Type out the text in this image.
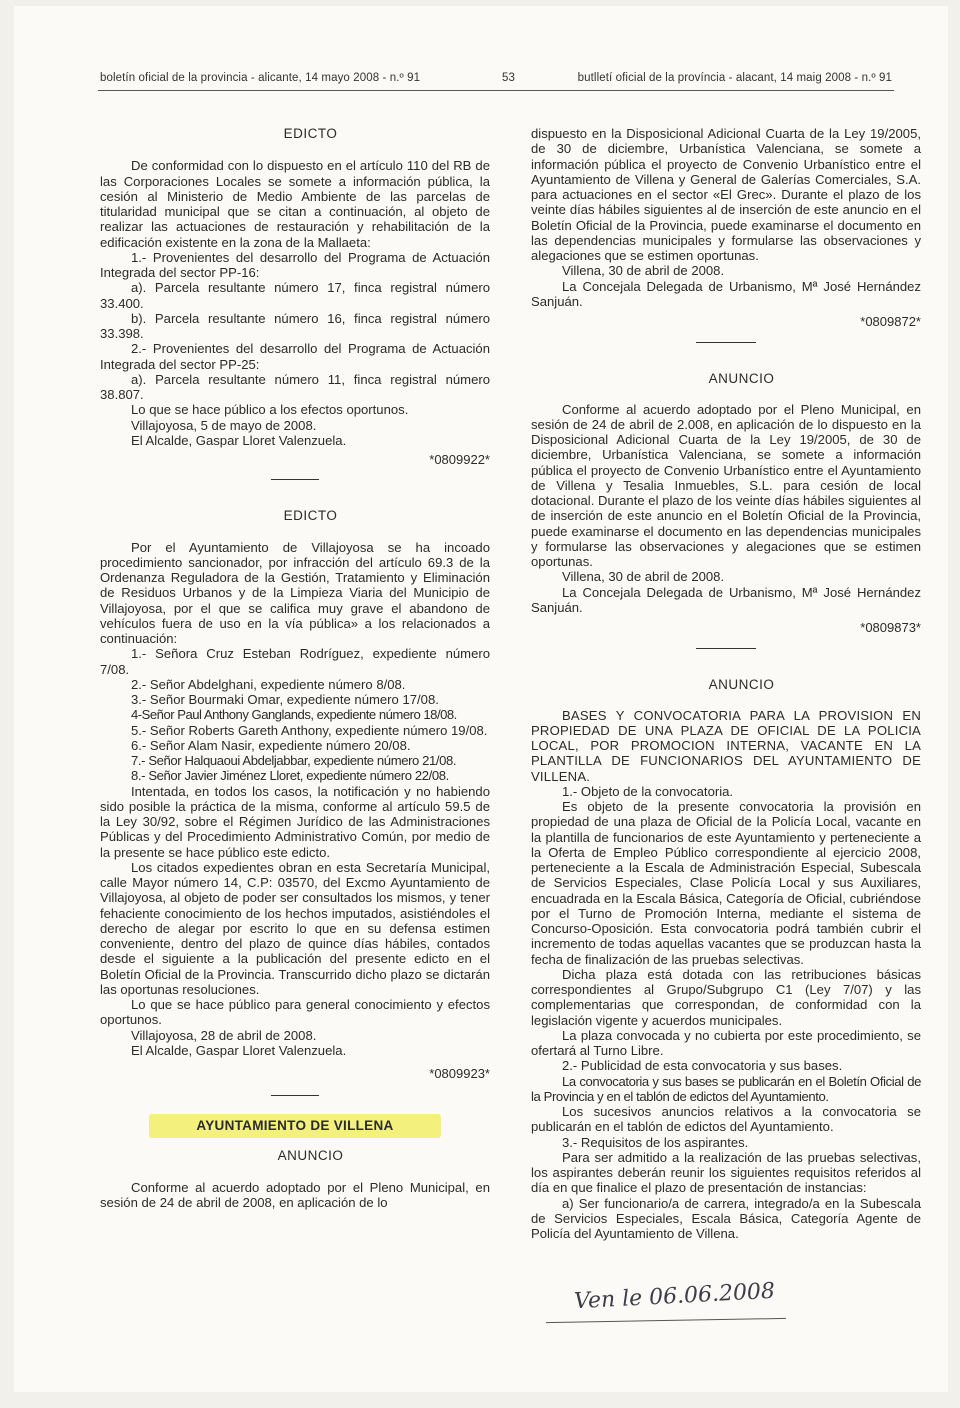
boletín oficial de la provincia - alicante, 14 mayo 2008 - n.º 91	53	butlletí oficial de la província - alacant, 14 maig 2008 - n.º 91

EDICTO

De conformidad con lo dispuesto en el artículo 110 del RB de las Corporaciones Locales se somete a información pública, la cesión al Ministerio de Medio Ambiente de las parcelas de titularidad municipal que se citan a continuación, al objeto de realizar las actuaciones de restauración y rehabilitación de la edificación existente en la zona de la Mallaeta:

1.- Provenientes del desarrollo del Programa de Actuación Integrada del sector PP-16:

a). Parcela resultante número 17, finca registral número 33.400.

b). Parcela resultante número 16, finca registral número 33.398.

2.- Provenientes del desarrollo del Programa de Actuación Integrada del sector PP-25:

a). Parcela resultante número 11, finca registral número 38.807.

Lo que se hace público a los efectos oportunos.

Villajoyosa, 5 de mayo de 2008.

El Alcalde, Gaspar Lloret Valenzuela.

*0809922*

EDICTO

Por el Ayuntamiento de Villajoyosa se ha incoado procedimiento sancionador, por infracción del artículo 69.3 de la Ordenanza Reguladora de la Gestión, Tratamiento y Eliminación de Residuos Urbanos y de la Limpieza Viaria del Municipio de Villajoyosa, por el que se califica muy grave el abandono de vehículos fuera de uso en la vía pública» a los relacionados a continuación:

1.- Señora Cruz Esteban Rodríguez, expediente número 7/08.

2.- Señor Abdelghani, expediente número 8/08.

3.- Señor Bourmaki Omar, expediente número 17/08.

4-Señor Paul Anthony Ganglands, expediente número 18/08.

5.- Señor Roberts Gareth Anthony, expediente número 19/08.

6.- Señor Alam Nasir, expediente número 20/08.

7.- Señor Halquaoui Abdeljabbar, expediente número 21/08.

8.- Señor Javier Jiménez Lloret, expediente número 22/08.

Intentada, en todos los casos, la notificación y no habiendo sido posible la práctica de la misma, conforme al artículo 59.5 de la Ley 30/92, sobre el Régimen Jurídico de las Administraciones Públicas y del Procedimiento Administrativo Común, por medio de la presente se hace público este edicto.

Los citados expedientes obran en esta Secretaría Municipal, calle Mayor número 14, C.P: 03570, del Excmo Ayuntamiento de Villajoyosa, al objeto de poder ser consultados los mismos, y tener fehaciente conocimiento de los hechos imputados, asistiéndoles el derecho de alegar por escrito lo que en su defensa estimen conveniente, dentro del plazo de quince días hábiles, contados desde el siguiente a la publicación del presente edicto en el Boletín Oficial de la Provincia. Transcurrido dicho plazo se dictarán las oportunas resoluciones.

Lo que se hace público para general conocimiento y efectos oportunos.

Villajoyosa, 28 de abril de 2008.

El Alcalde, Gaspar Lloret Valenzuela.

*0809923*

AYUNTAMIENTO DE VILLENA

ANUNCIO

Conforme al acuerdo adoptado por el Pleno Municipal, en sesión de 24 de abril de 2008, en aplicación de lo

dispuesto en la Disposicional Adicional Cuarta de la Ley 19/2005, de 30 de diciembre, Urbanística Valenciana, se somete a información pública el proyecto de Convenio Urbanístico entre el Ayuntamiento de Villena y General de Galerías Comerciales, S.A. para actuaciones en el sector «El Grec». Durante el plazo de los veinte días hábiles siguientes al de inserción de este anuncio en el Boletín Oficial de la Provincia, puede examinarse el documento en las dependencias municipales y formularse las observaciones y alegaciones que se estimen oportunas.

Villena, 30 de abril de 2008.

La Concejala Delegada de Urbanismo, Mª José Hernández Sanjuán.

*0809872*

ANUNCIO

Conforme al acuerdo adoptado por el Pleno Municipal, en sesión de 24 de abril de 2.008, en aplicación de lo dispuesto en la Disposicional Adicional Cuarta de la Ley 19/2005, de 30 de diciembre, Urbanística Valenciana, se somete a información pública el proyecto de Convenio Urbanístico entre el Ayuntamiento de Villena y Tesalia Inmuebles, S.L. para cesión de local dotacional. Durante el plazo de los veinte días hábiles siguientes al de inserción de este anuncio en el Boletín Oficial de la Provincia, puede examinarse el documento en las dependencias municipales y formularse las observaciones y alegaciones que se estimen oportunas.

Villena, 30 de abril de 2008.

La Concejala Delegada de Urbanismo, Mª José Hernández Sanjuán.

*0809873*

ANUNCIO

BASES Y CONVOCATORIA PARA LA PROVISION EN PROPIEDAD DE UNA PLAZA DE OFICIAL DE LA POLICIA LOCAL, POR PROMOCION INTERNA, VACANTE EN LA PLANTILLA DE FUNCIONARIOS DEL AYUNTAMIENTO DE VILLENA.

1.- Objeto de la convocatoria.

Es objeto de la presente convocatoria la provisión en propiedad de una plaza de Oficial de la Policía Local, vacante en la plantilla de funcionarios de este Ayuntamiento y perteneciente a la Oferta de Empleo Público correspondiente al ejercicio 2008, perteneciente a la Escala de Administración Especial, Subescala de Servicios Especiales, Clase Policía Local y sus Auxiliares, encuadrada en la Escala Básica, Categoría de Oficial, cubriéndose por el Turno de Promoción Interna, mediante el sistema de Concurso-Oposición. Esta convocatoria podrá también cubrir el incremento de todas aquellas vacantes que se produzcan hasta la fecha de finalización de las pruebas selectivas.

Dicha plaza está dotada con las retribuciones básicas correspondientes al Grupo/Subgrupo C1 (Ley 7/07) y las complementarias que correspondan, de conformidad con la legislación vigente y acuerdos municipales.

La plaza convocada y no cubierta por este procedimiento, se ofertará al Turno Libre.

2.- Publicidad de esta convocatoria y sus bases.

La convocatoria y sus bases se publicarán en el Boletín Oficial de la Provincia y en el tablón de edictos del Ayuntamiento.

Los sucesivos anuncios relativos a la convocatoria se publicarán en el tablón de edictos del Ayuntamiento.

3.- Requisitos de los aspirantes.

Para ser admitido a la realización de las pruebas selectivas, los aspirantes deberán reunir los siguientes requisitos referidos al día en que finalice el plazo de presentación de instancias:

a) Ser funcionario/a de carrera, integrado/a en la Subescala de Servicios Especiales, Escala Básica, Categoría Agente de Policía del Ayuntamiento de Villena.

Ven le 06.06.2008
